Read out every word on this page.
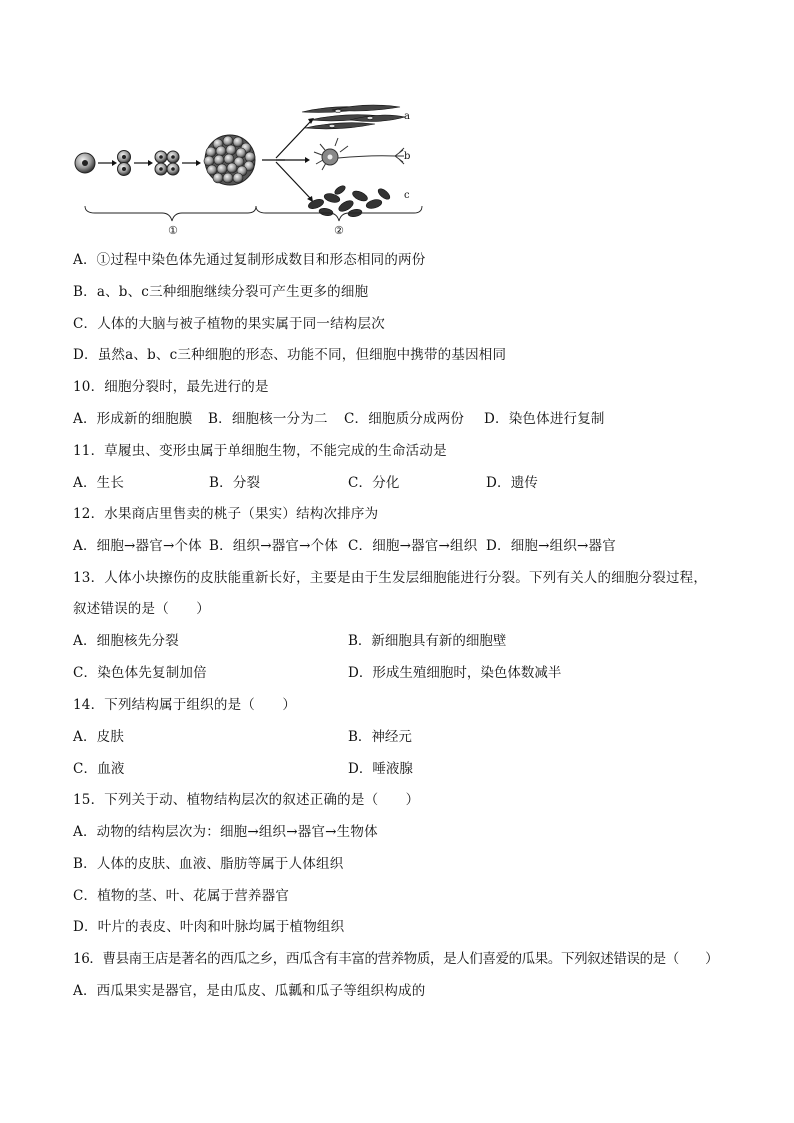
a
b
c
①	②
A．①过程中染色体先通过复制形成数目和形态相同的两份
B．a、b、c三种细胞继续分裂可产生更多的细胞
C．人体的大脑与被子植物的果实属于同一结构层次
D．虽然a、b、c三种细胞的形态、功能不同，但细胞中携带的基因相同
10．细胞分裂时，最先进行的是
A．形成新的细胞膜 B．细胞核一分为二 C．细胞质分成两份 D．染色体进行复制
11．草履虫、变形虫属于单细胞生物，不能完成的生命活动是
A．生长	B．分裂	C．分化	D．遗传
12．水果商店里售卖的桃子（果实）结构次排序为
A．细胞→器官→个体 B．组织→器官→个体 C．细胞→器官→组织 D．细胞→组织→器官
13．人体小块擦伤的皮肤能重新长好，主要是由于生发层细胞能进行分裂。下列有关人的细胞分裂过程，
叙述错误的是（　　）
A．细胞核先分裂	B．新细胞具有新的细胞壁
C．染色体先复制加倍	D．形成生殖细胞时，染色体数减半
14．下列结构属于组织的是（　　）
A．皮肤	B．神经元
C．血液	D．唾液腺
15．下列关于动、植物结构层次的叙述正确的是（　　）
A．动物的结构层次为：细胞→组织→器官→生物体
B．人体的皮肤、血液、脂肪等属于人体组织
C．植物的茎、叶、花属于营养器官
D．叶片的表皮、叶肉和叶脉均属于植物组织
16．曹县南王店是著名的西瓜之乡，西瓜含有丰富的营养物质，是人们喜爱的瓜果。下列叙述错误的是（　　）
A．西瓜果实是器官，是由瓜皮、瓜瓤和瓜子等组织构成的
